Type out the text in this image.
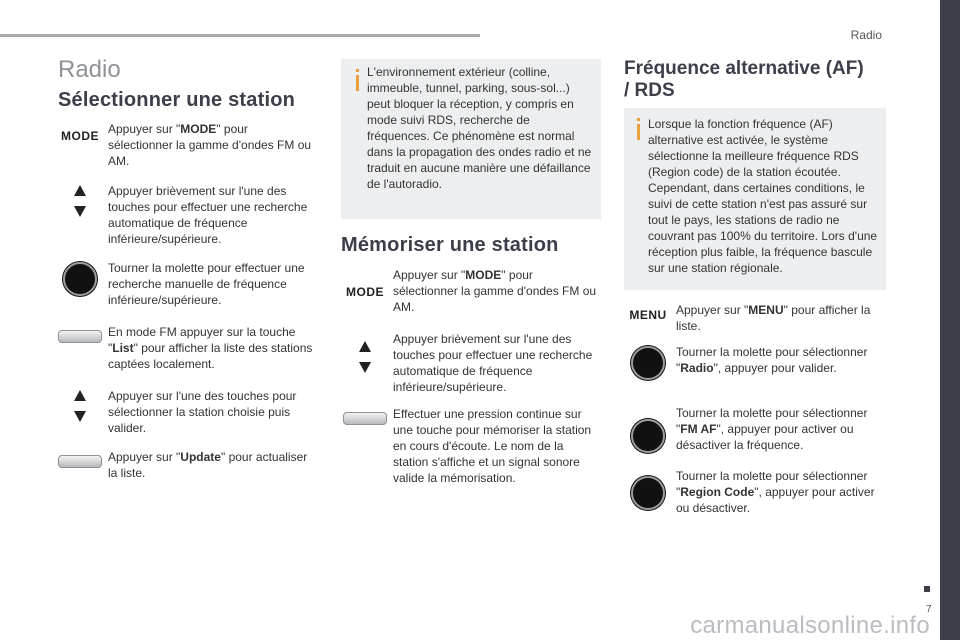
Radio
7
carmanualsonline.info
Radio
Sélectionner une station
MODE Appuyer sur "MODE" pour sélectionner la gamme d'ondes FM ou AM.

Appuyer brièvement sur l'une des touches pour effectuer une recherche automatique de fréquence inférieure/supérieure.

Tourner la molette pour effectuer une recherche manuelle de fréquence inférieure/supérieure.

En mode FM appuyer sur la touche "List" pour afficher la liste des stations captées localement.

Appuyer sur l'une des touches pour sélectionner la station choisie puis valider.

Appuyer sur "Update" pour actualiser la liste.

L'environnement extérieur (colline, immeuble, tunnel, parking, sous-sol...) peut bloquer la réception, y compris en mode suivi RDS, recherche de fréquences. Ce phénomène est normal dans la propagation des ondes radio et ne traduit en aucune manière une défaillance de l'autoradio.

Mémoriser une station
MODE

Appuyer sur "MODE" pour sélectionner la gamme d'ondes FM ou AM.

Appuyer brièvement sur l'une des touches pour effectuer une recherche automatique de fréquence inférieure/supérieure.

Effectuer une pression continue sur une touche pour mémoriser la station en cours d'écoute. Le nom de la station s'affiche et un signal sonore valide la mémorisation.

Fréquence alternative (AF) / RDS

Lorsque la fonction fréquence (AF) alternative est activée, le système sélectionne la meilleure fréquence RDS (Region code) de la station écoutée. Cependant, dans certaines conditions, le suivi de cette station n'est pas assuré sur tout le pays, les stations de radio ne couvrant pas 100% du territoire. Lors d'une réception plus faible, la fréquence bascule sur une station régionale.

MENU Appuyer sur "MENU" pour afficher la liste.

Tourner la molette pour sélectionner "Radio", appuyer pour valider.

Tourner la molette pour sélectionner "FM AF", appuyer pour activer ou désactiver la fréquence.

Tourner la molette pour sélectionner "Region Code", appuyer pour activer ou désactiver.
